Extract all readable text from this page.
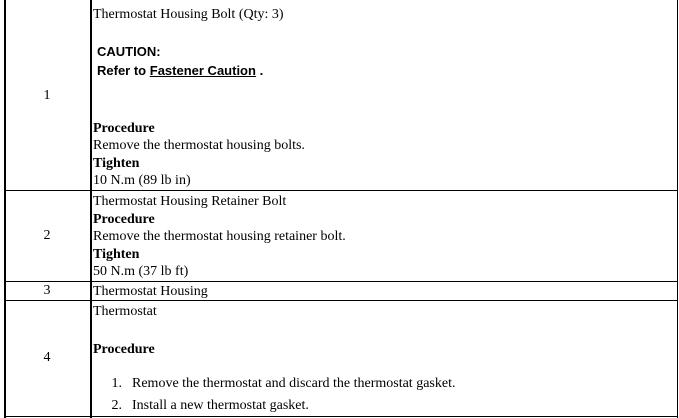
1
Thermostat Housing Bolt (Qty: 3)
CAUTION:
Refer to Fastener Caution .
Procedure
Remove the thermostat housing bolts.
Tighten
10 N.m (89 lb in)
2
Thermostat Housing Retainer Bolt
Procedure
Remove the thermostat housing retainer bolt.
Tighten
50 N.m (37 lb ft)
3	Thermostat Housing
4
Thermostat
Procedure
1. Remove the thermostat and discard the thermostat gasket.
2. Install a new thermostat gasket.
